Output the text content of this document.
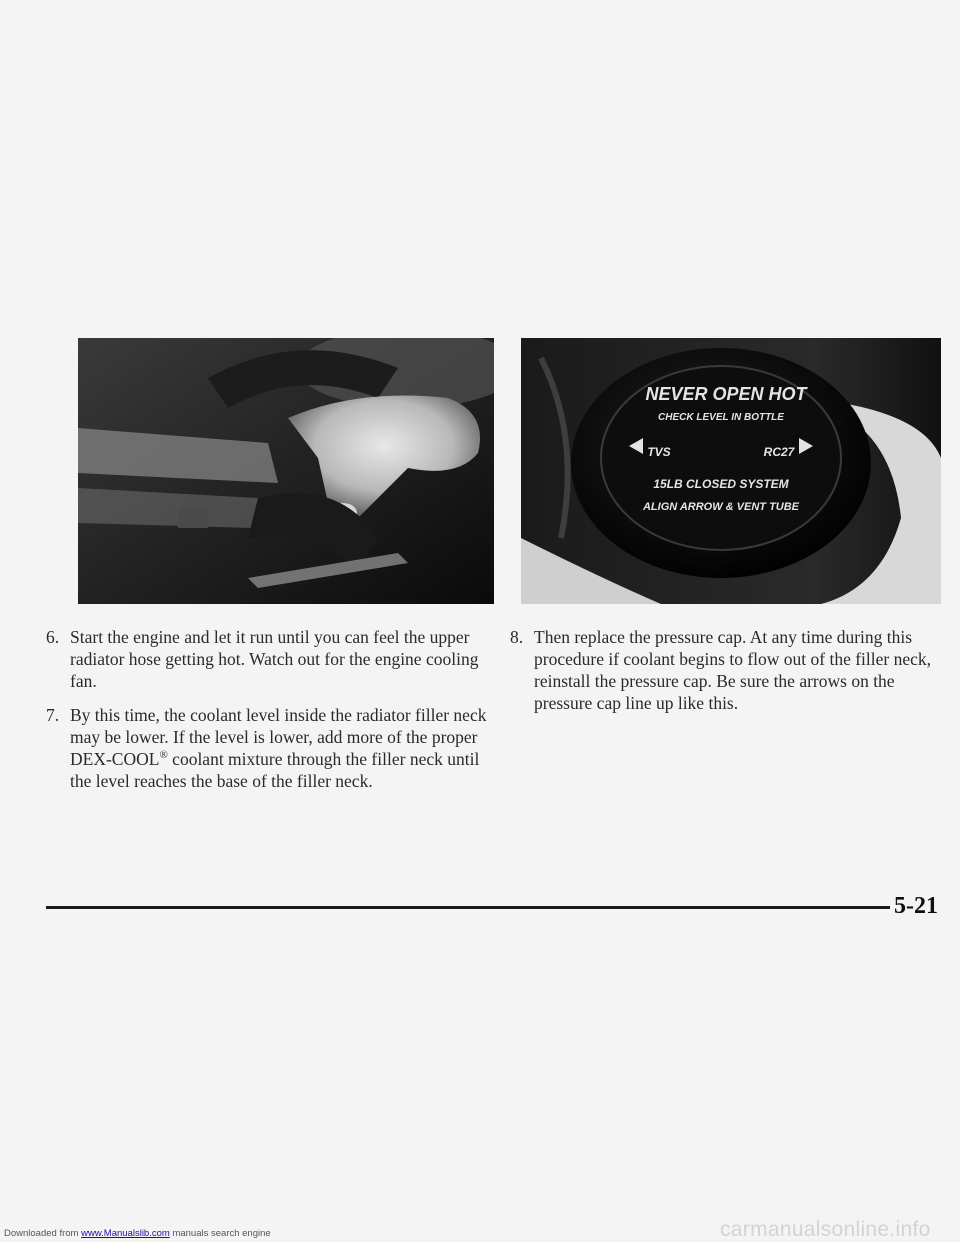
NEVER OPEN HOT
CHECK LEVEL IN BOTTLE
TVS	RC27
15LB CLOSED SYSTEM
ALIGN ARROW & VENT TUBE
6. Start the engine and let it run until you can feel the upper radiator hose getting hot. Watch out for the engine cooling fan.
7. By this time, the coolant level inside the radiator filler neck may be lower. If the level is lower, add more of the proper DEX-COOL® coolant mixture through the filler neck until the level reaches the base of the filler neck.
8. Then replace the pressure cap. At any time during this procedure if coolant begins to flow out of the filler neck, reinstall the pressure cap. Be sure the arrows on the pressure cap line up like this.
5-21
Downloaded from www.Manualslib.com manuals search engine	carmanualsonline.info
